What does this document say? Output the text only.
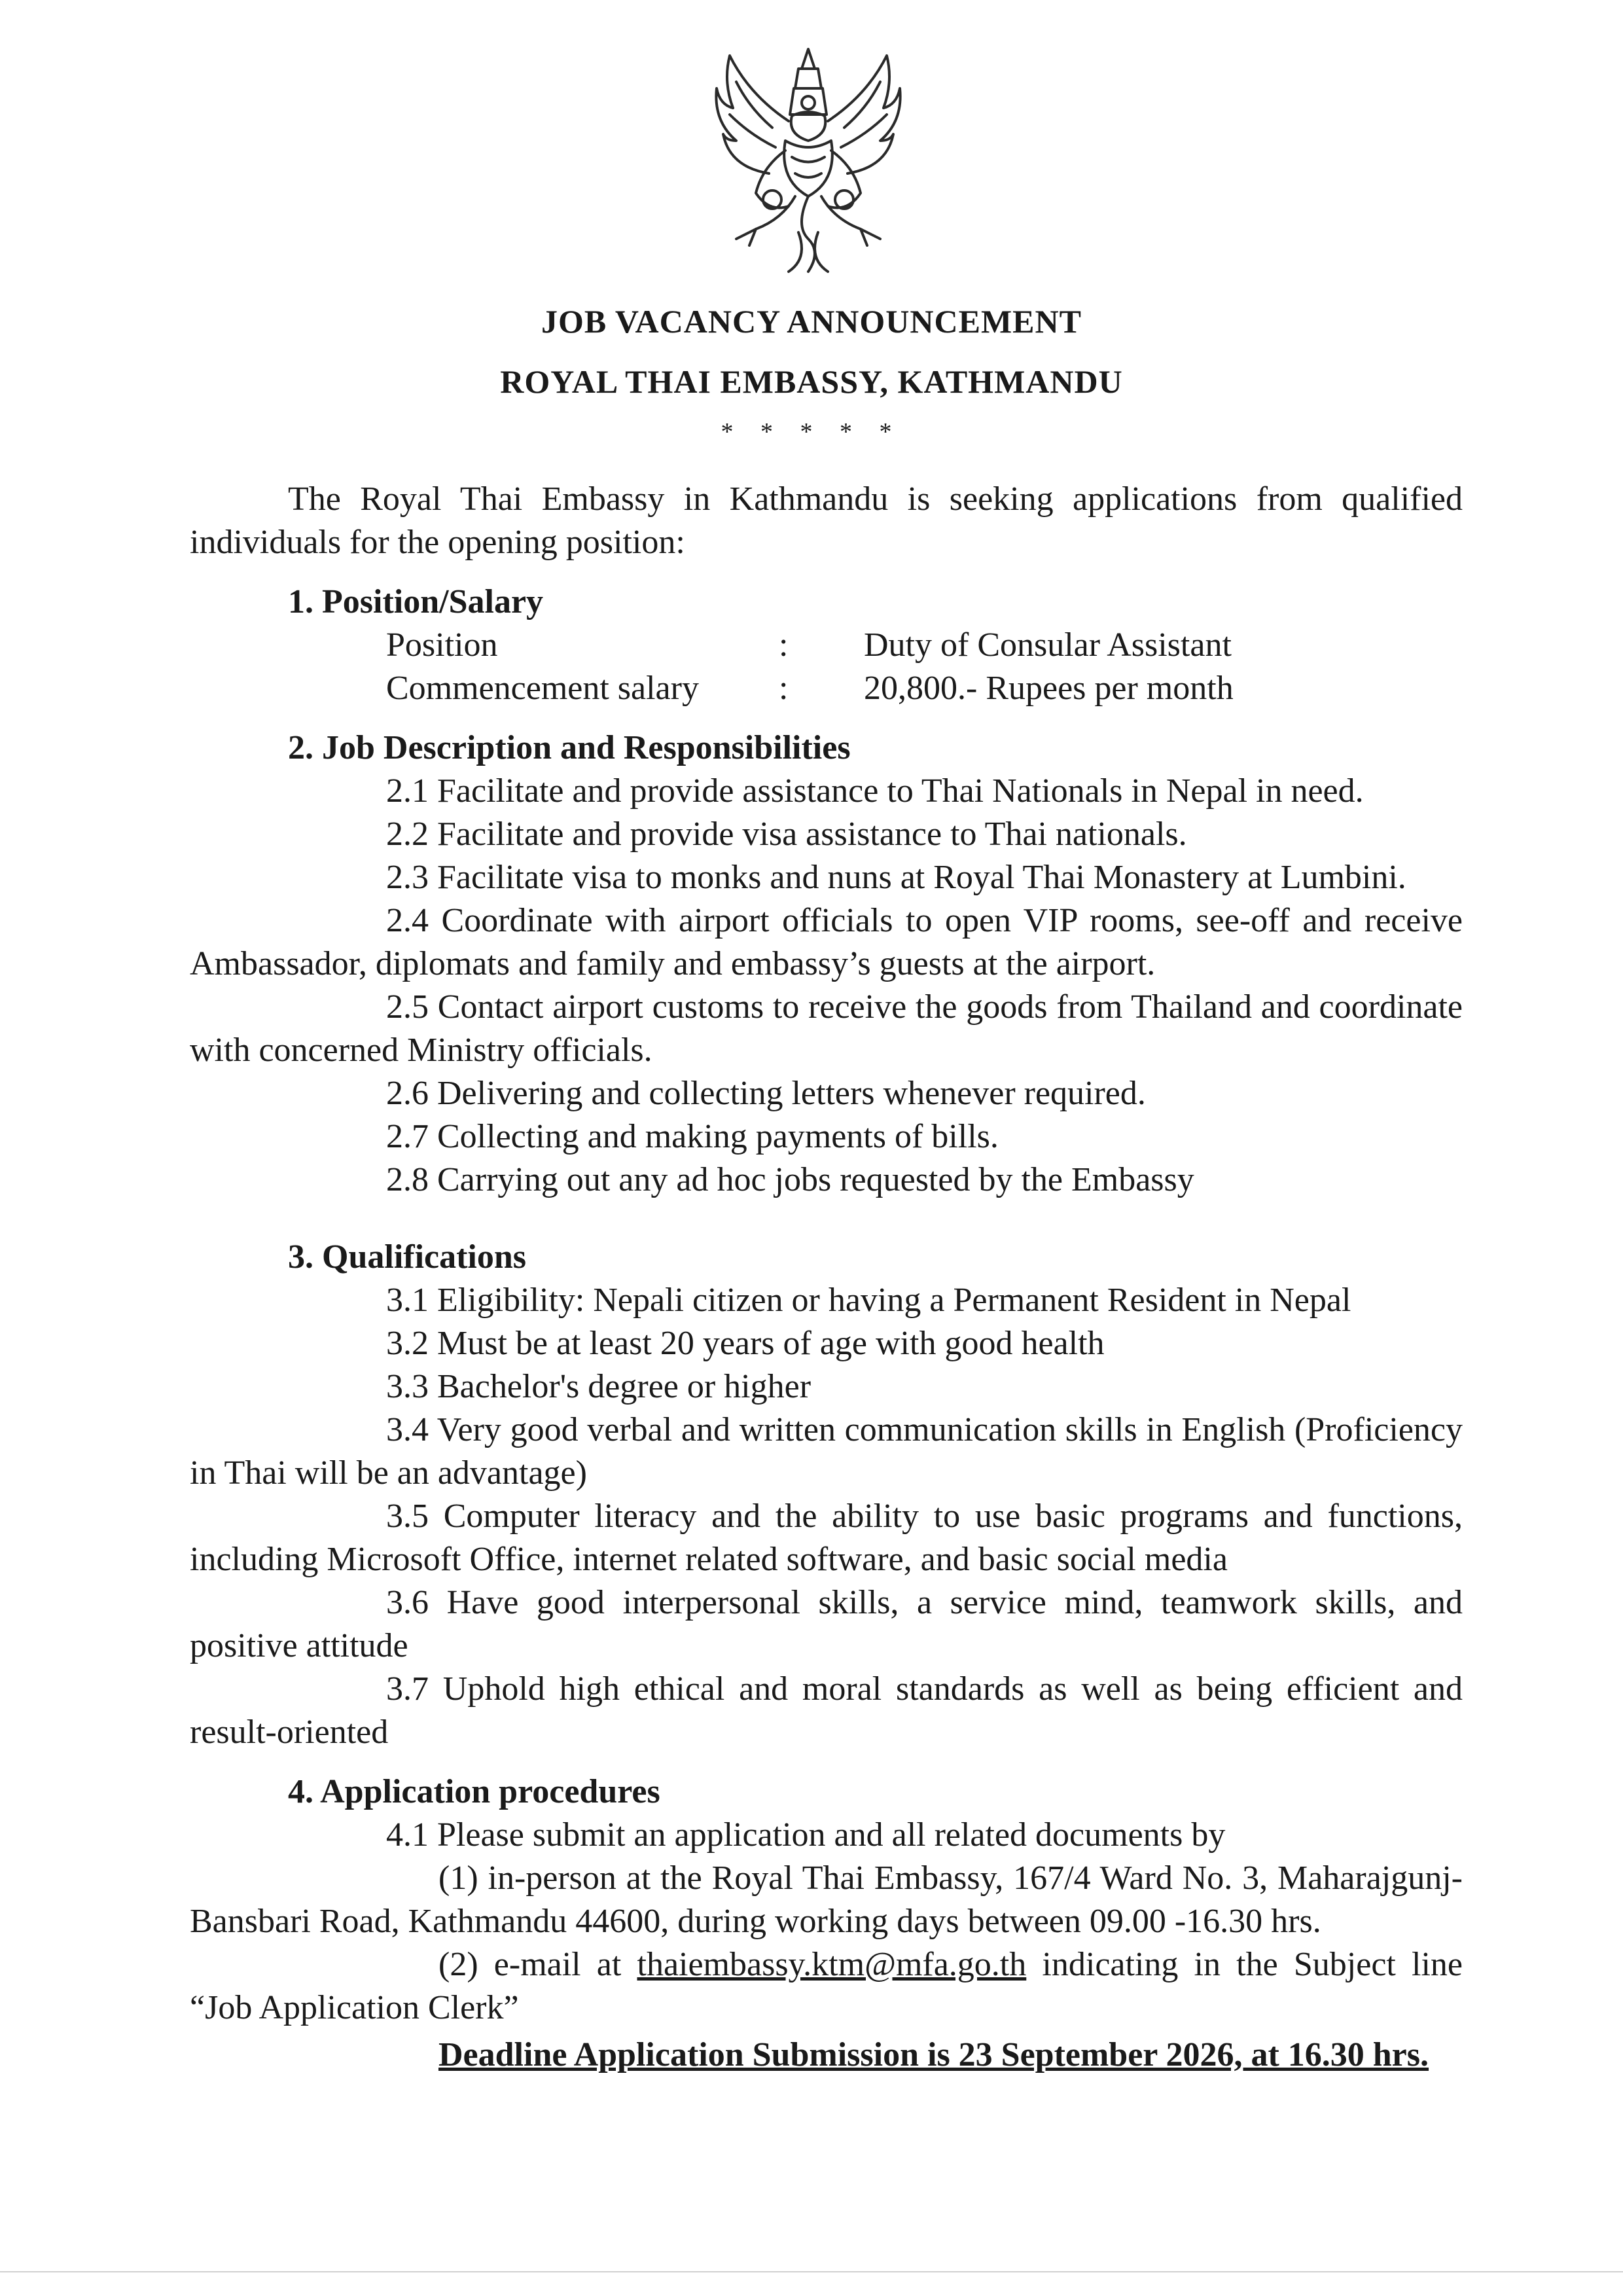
JOB VACANCY ANNOUNCEMENT
ROYAL THAI EMBASSY, KATHMANDU
* * * * *

The Royal Thai Embassy in Kathmandu is seeking applications from qualified individuals for the opening position:

1. Position/Salary
Position	:	Duty of Consular Assistant
Commencement salary	:	20,800.- Rupees per month
2. Job Description and Responsibilities

2.1 Facilitate and provide assistance to Thai Nationals in Nepal in need.

2.2 Facilitate and provide visa assistance to Thai nationals.

2.3 Facilitate visa to monks and nuns at Royal Thai Monastery at Lumbini.

2.4 Coordinate with airport officials to open VIP rooms, see-off and receive Ambassador, diplomats and family and embassy’s guests at the airport.

2.5 Contact airport customs to receive the goods from Thailand and coordinate with concerned Ministry officials.

2.6 Delivering and collecting letters whenever required.

2.7 Collecting and making payments of bills.

2.8 Carrying out any ad hoc jobs requested by the Embassy

3. Qualifications

3.1 Eligibility: Nepali citizen or having a Permanent Resident in Nepal

3.2 Must be at least 20 years of age with good health

3.3 Bachelor's degree or higher

3.4 Very good verbal and written communication skills in English (Proficiency in Thai will be an advantage)

3.5 Computer literacy and the ability to use basic programs and functions, including Microsoft Office, internet related software, and basic social media

3.6 Have good interpersonal skills, a service mind, teamwork skills, and positive attitude

3.7 Uphold high ethical and moral standards as well as being efficient and result-oriented

4. Application procedures

4.1 Please submit an application and all related documents by

(1) in-person at the Royal Thai Embassy, 167/4 Ward No. 3, Maharajgunj-Bansbari Road, Kathmandu 44600, during working days between 09.00 -16.30 hrs.

(2) e-mail at thaiembassy.ktm@mfa.go.th indicating in the Subject line “Job Application Clerk”

Deadline Application Submission is 23 September 2026, at 16.30 hrs.
